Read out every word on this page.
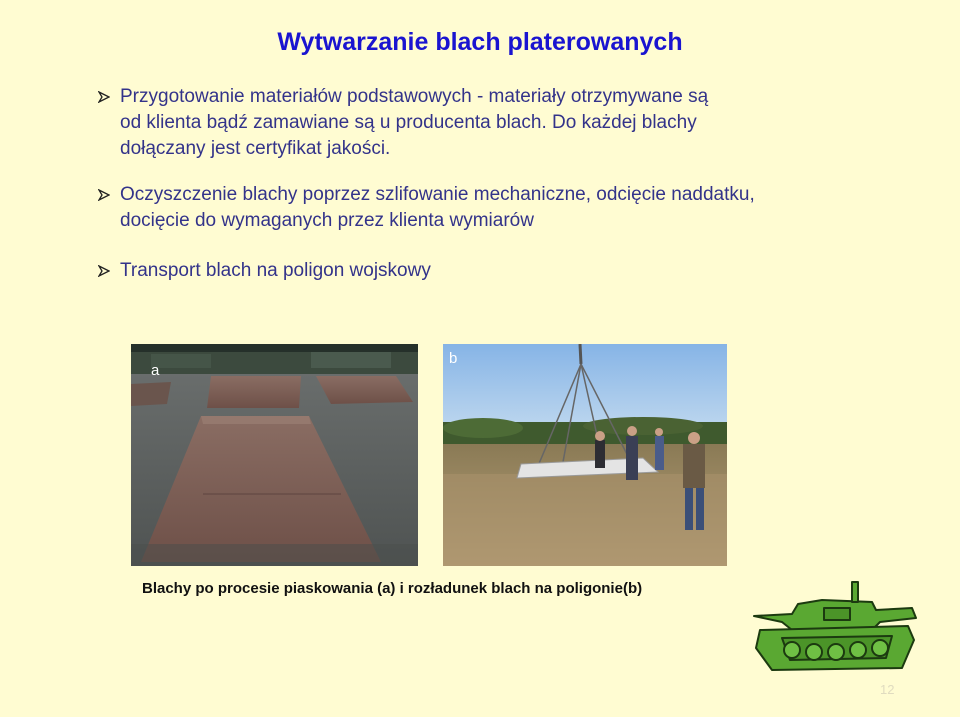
Wytwarzanie blach platerowanych
Przygotowanie materiałów podstawowych - materiały otrzymywane są
od klienta bądź zamawiane są u producenta blach. Do każdej blachy
dołączany jest certyfikat jakości.
Oczyszczenie blachy poprzez szlifowanie mechaniczne, odcięcie naddatku,
docięcie do wymaganych przez klienta wymiarów
Transport blach na poligon wojskowy
a
b
Blachy po procesie piaskowania (a) i rozładunek blach na poligonie(b)
12
